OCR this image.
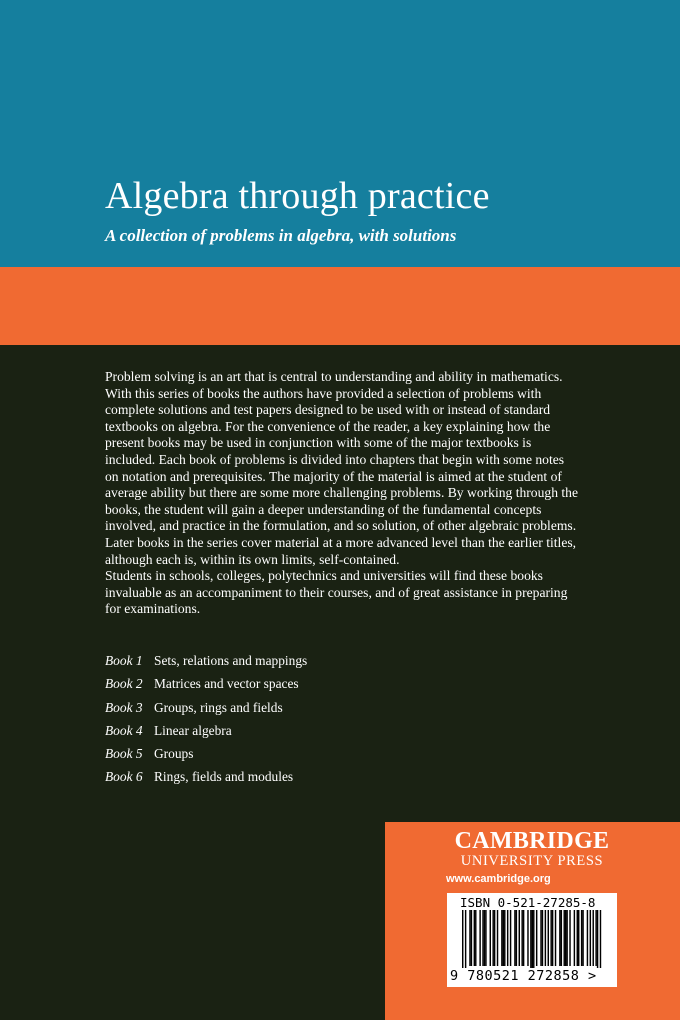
Algebra through practice
A collection of problems in algebra, with solutions

Problem solving is an art that is central to understanding and ability in mathematics. With this series of books the authors have provided a selection of problems with complete solutions and test papers designed to be used with or instead of standard textbooks on algebra. For the convenience of the reader, a key explaining how the present books may be used in conjunction with some of the major textbooks is included. Each book of problems is divided into chapters that begin with some notes on notation and prerequisites. The majority of the material is aimed at the student of average ability but there are some more challenging problems. By working through the books, the student will gain a deeper understanding of the fundamental concepts involved, and practice in the formulation, and so solution, of other algebraic problems. Later books in the series cover material at a more advanced level than the earlier titles, although each is, within its own limits, self-contained.

Students in schools, colleges, polytechnics and universities will find these books invaluable as an accompaniment to their courses, and of great assistance in preparing for examinations.

Book 1 Sets, relations and mappings
Book 2 Matrices and vector spaces
Book 3 Groups, rings and fields
Book 4 Linear algebra
Book 5 Groups
Book 6 Rings, fields and modules
CAMBRIDGE
UNIVERSITY PRESS
www.cambridge.org
ISBN 0-521-27285-8
9 780521 272858 >
